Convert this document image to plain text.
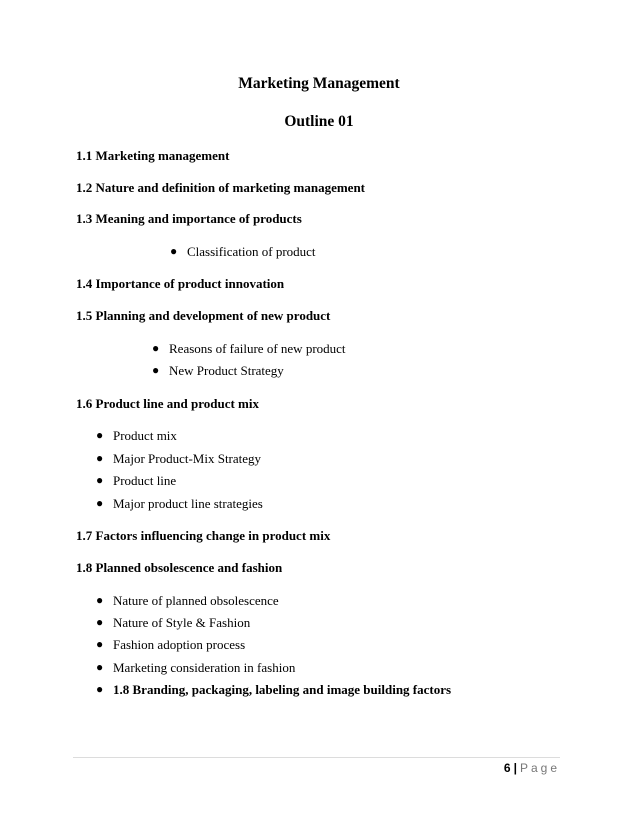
Marketing Management
Outline 01
1.1 Marketing management
1.2 Nature and definition of marketing management
1.3 Meaning and importance of products
● Classification of product
1.4 Importance of product innovation
1.5 Planning and development of new product
● Reasons of failure of new product
● New Product Strategy
1.6 Product line and product mix
● Product mix
● Major Product-Mix Strategy
● Product line
● Major product line strategies
1.7 Factors influencing change in product mix
1.8 Planned obsolescence and fashion
● Nature of planned obsolescence
● Nature of Style & Fashion
● Fashion adoption process
● Marketing consideration in fashion
● 1.8 Branding, packaging, labeling and image building factors
6 | Page
